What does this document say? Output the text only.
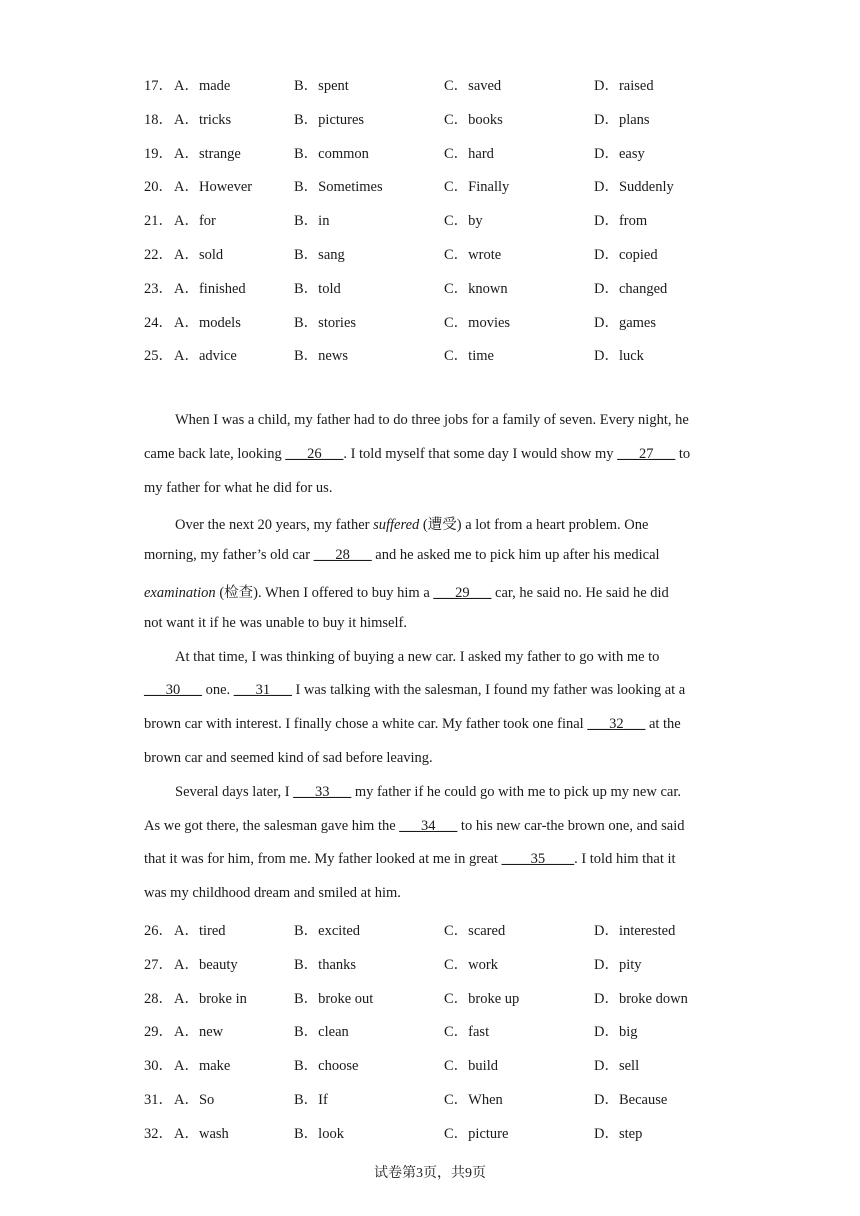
17． A．made	B．spent	C．saved	D．raised
18． A．tricks	B．pictures	C．books	D．plans
19． A．strange	B．common	C．hard	D．easy
20． A．However	B．Sometimes	C．Finally	D．Suddenly
21． A．for	B．in	C．by	D．from
22． A．sold	B．sang	C．wrote	D．copied
23． A．finished	B．told	C．known	D．changed
24． A．models	B．stories	C．movies	D．games
25． A．advice	B．news	C．time	D．luck
When I was a child, my father had to do three jobs for a family of seven. Every night, he
came back late, looking ___26___. I told myself that some day I would show my ___27___ to
my father for what he did for us.
Over the next 20 years, my father suffered (遭受) a lot from a heart problem. One
morning, my father’s old car ___28___ and he asked me to pick him up after his medical
examination (检查). When I offered to buy him a ___29___ car, he said no. He said he did
not want it if he was unable to buy it himself.
At that time, I was thinking of buying a new car. I asked my father to go with me to
___30___ one. ___31___ I was talking with the salesman, I found my father was looking at a
brown car with interest. I finally chose a white car. My father took one final ___32___ at the
brown car and seemed kind of sad before leaving.
Several days later, I ___33___ my father if he could go with me to pick up my new car.
As we got there, the salesman gave him the ___34___ to his new car-the brown one, and said
that it was for him, from me. My father looked at me in great ____35____. I told him that it
was my childhood dream and smiled at him.
26． A．tired	B．excited	C．scared	D．interested
27． A．beauty	B．thanks	C．work	D．pity
28． A．broke in	B．broke out	C．broke up	D．broke down
29． A．new	B．clean	C．fast	D．big
30． A．make	B．choose	C．build	D．sell
31． A．So	B．If	C．When	D．Because
32． A．wash	B．look	C．picture	D．step
试卷第3页，共9页
